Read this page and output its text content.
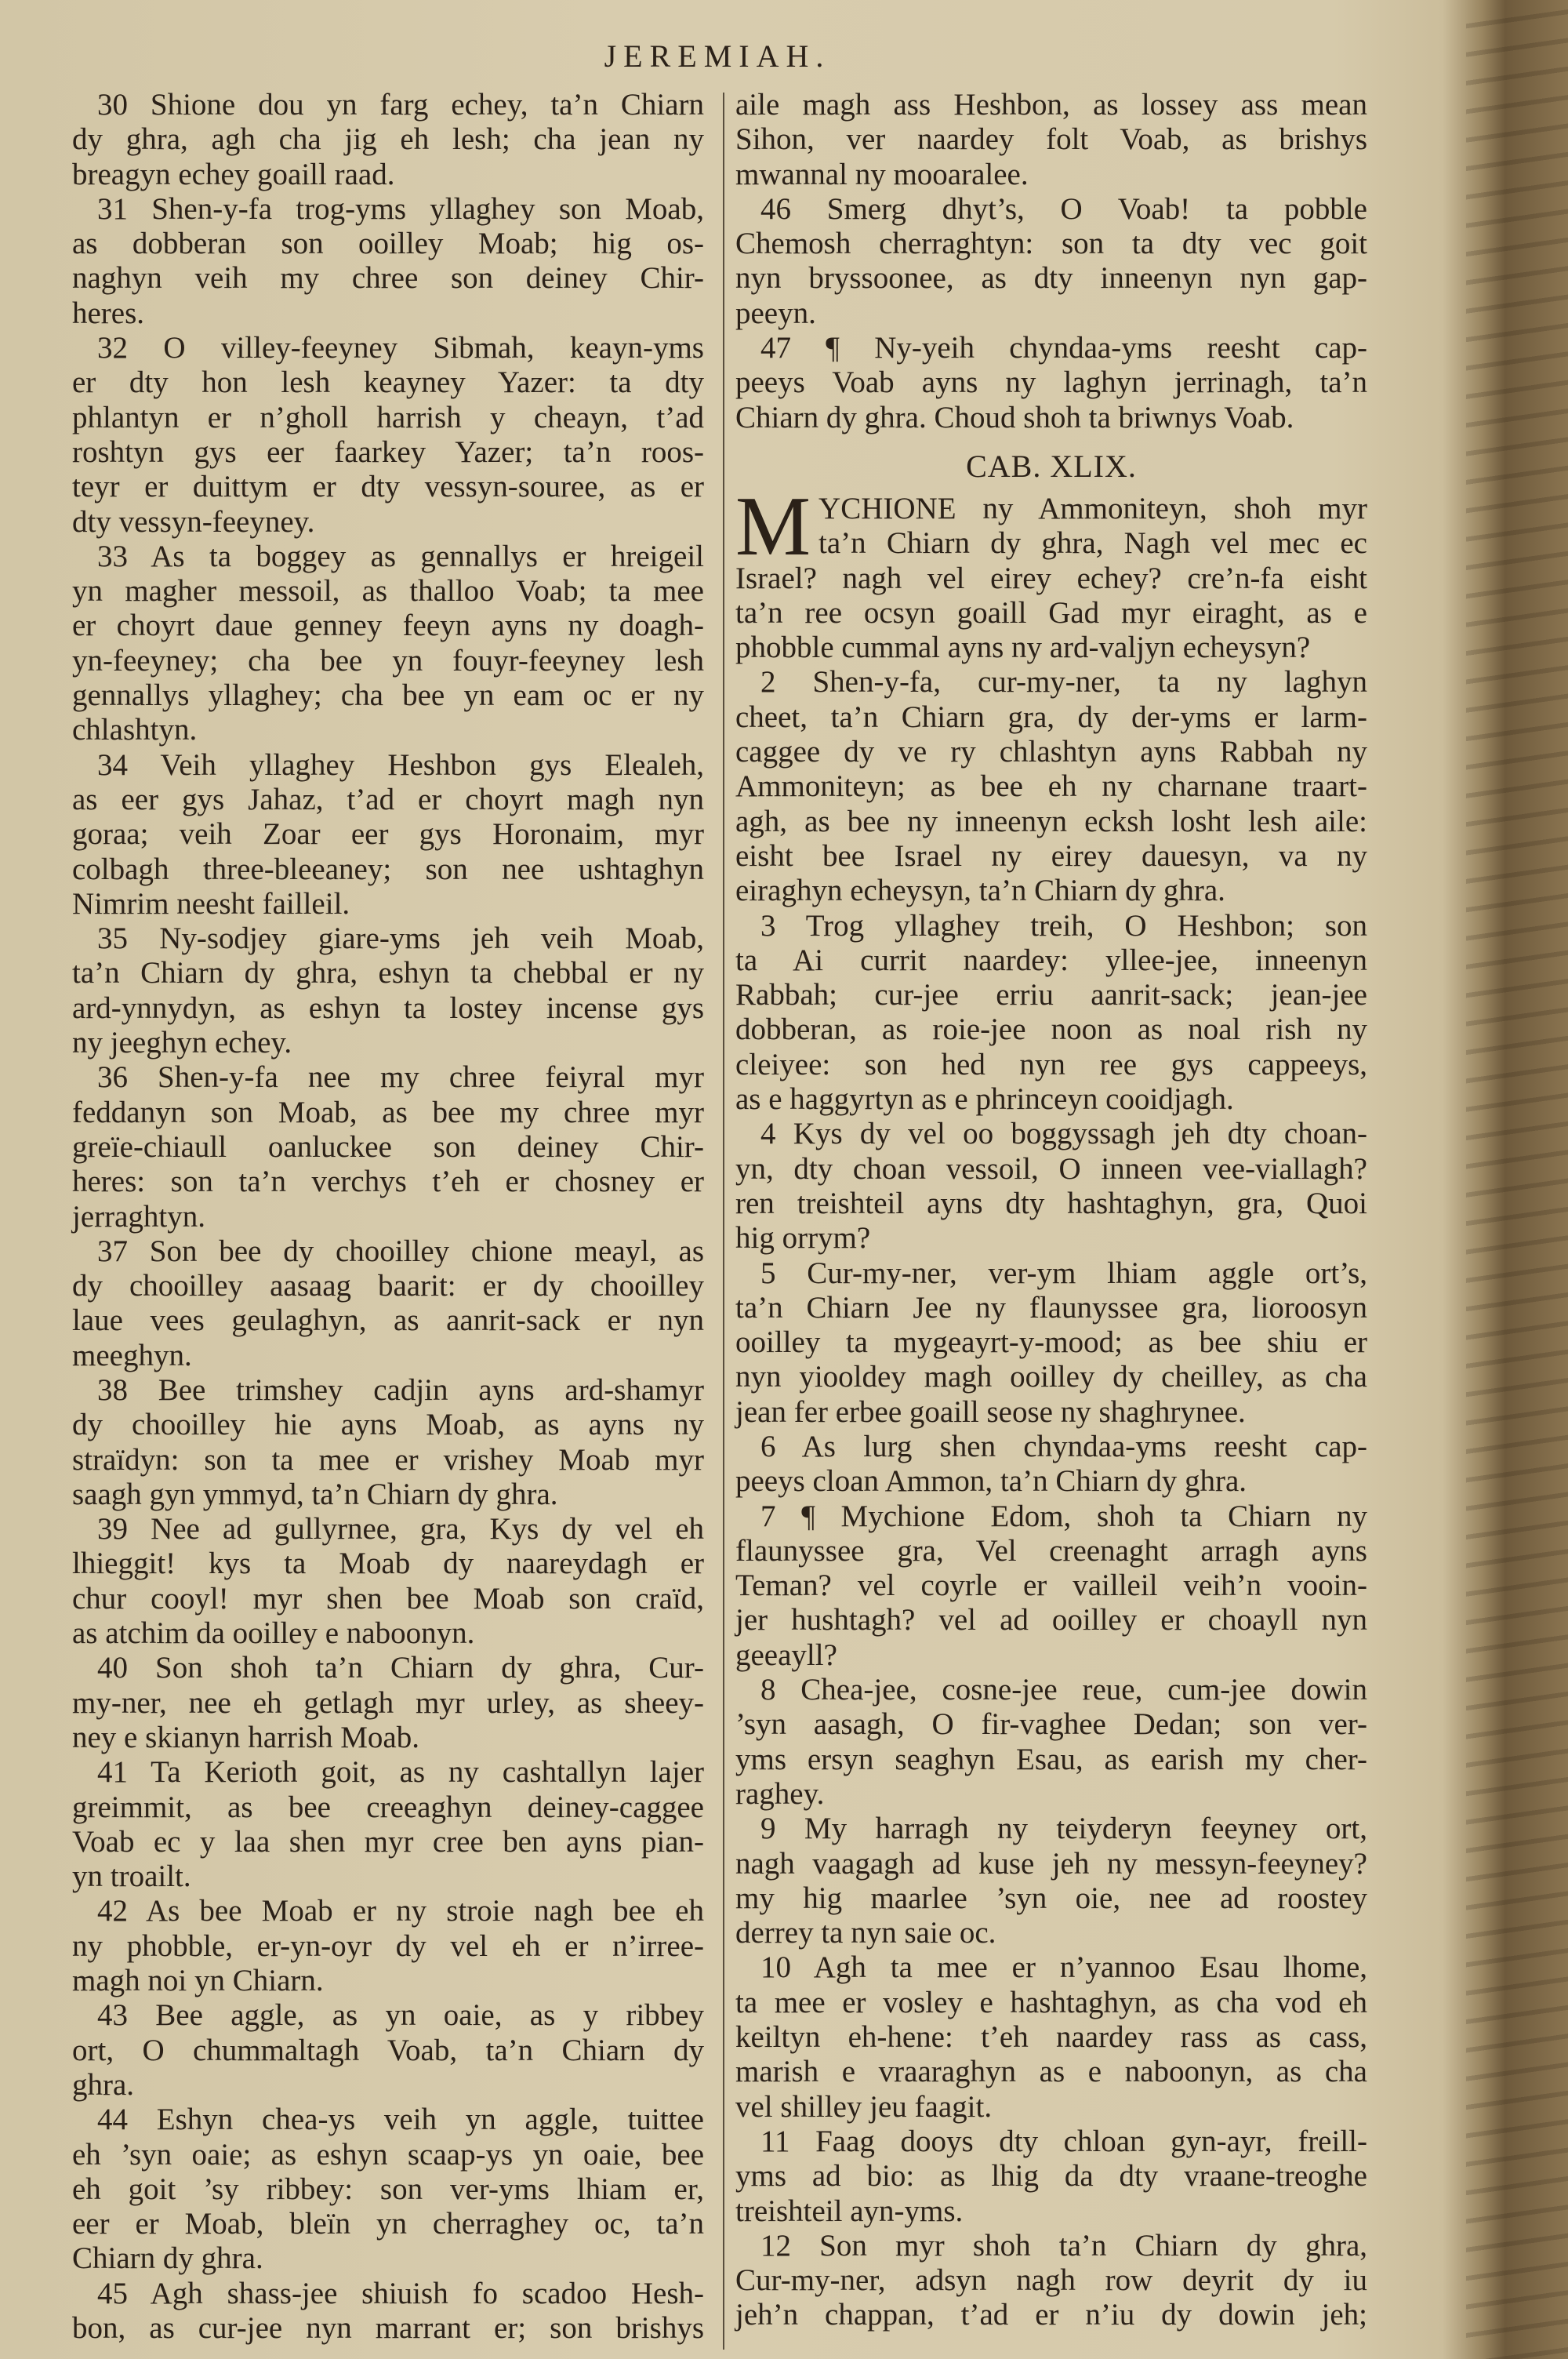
JEREMIAH.
30 Shione dou yn farg echey, ta’n Chiarn
dy ghra, agh cha jig eh lesh; cha jean ny
breagyn echey goaill raad.
31 Shen-y-fa trog-yms yllaghey son Moab,
as dobberan son ooilley Moab; hig os-
naghyn veih my chree son deiney Chir-
heres.
32 O villey-feeyney Sibmah, keayn-yms
er dty hon lesh keayney Yazer: ta dty
phlantyn er n’gholl harrish y cheayn, t’ad
roshtyn gys eer faarkey Yazer; ta’n roos-
teyr er duittym er dty vessyn-souree, as er
dty vessyn-feeyney.
33 As ta boggey as gennallys er hreigeil
yn magher messoil, as thalloo Voab; ta mee
er choyrt daue genney feeyn ayns ny doagh-
yn-feeyney; cha bee yn fouyr-feeyney lesh
gennallys yllaghey; cha bee yn eam oc er ny
chlashtyn.
34 Veih yllaghey Heshbon gys Elealeh,
as eer gys Jahaz, t’ad er choyrt magh nyn
goraa; veih Zoar eer gys Horonaim, myr
colbagh three-bleeaney; son nee ushtaghyn
Nimrim neesht failleil.
35 Ny-sodjey giare-yms jeh veih Moab,
ta’n Chiarn dy ghra, eshyn ta chebbal er ny
ard-ynnydyn, as eshyn ta lostey incense gys
ny jeeghyn echey.
36 Shen-y-fa nee my chree feiyral myr
feddanyn son Moab, as bee my chree myr
greïe-chiaull oanluckee son deiney Chir-
heres: son ta’n verchys t’eh er chosney er
jerraghtyn.
37 Son bee dy chooilley chione meayl, as
dy chooilley aasaag baarit: er dy chooilley
laue vees geulaghyn, as aanrit-sack er nyn
meeghyn.
38 Bee trimshey cadjin ayns ard-shamyr
dy chooilley hie ayns Moab, as ayns ny
straïdyn: son ta mee er vrishey Moab myr
saagh gyn ymmyd, ta’n Chiarn dy ghra.
39 Nee ad gullyrnee, gra, Kys dy vel eh
lhieggit! kys ta Moab dy naareydagh er
chur cooyl! myr shen bee Moab son craïd,
as atchim da ooilley e naboonyn.
40 Son shoh ta’n Chiarn dy ghra, Cur-
my-ner, nee eh getlagh myr urley, as sheey-
ney e skianyn harrish Moab.
41 Ta Kerioth goit, as ny cashtallyn lajer
greimmit, as bee creeaghyn deiney-caggee
Voab ec y laa shen myr cree ben ayns pian-
yn troailt.
42 As bee Moab er ny stroie nagh bee eh
ny phobble, er-yn-oyr dy vel eh er n’irree-
magh noi yn Chiarn.
43 Bee aggle, as yn oaie, as y ribbey
ort, O chummaltagh Voab, ta’n Chiarn dy
ghra.
44 Eshyn chea-ys veih yn aggle, tuittee
eh ’syn oaie; as eshyn scaap-ys yn oaie, bee
eh goit ’sy ribbey: son ver-yms lhiam er,
eer er Moab, bleïn yn cherraghey oc, ta’n
Chiarn dy ghra.
45 Agh shass-jee shiuish fo scadoo Hesh-
bon, as cur-jee nyn marrant er; son brishys
aile magh ass Heshbon, as lossey ass mean
Sihon, ver naardey folt Voab, as brishys
mwannal ny mooaralee.
46 Smerg dhyt’s, O Voab! ta pobble
Chemosh cherraghtyn: son ta dty vec goit
nyn bryssoonee, as dty inneenyn nyn gap-
peeyn.
47 ¶ Ny-yeih chyndaa-yms reesht cap-
peeys Voab ayns ny laghyn jerrinagh, ta’n
Chiarn dy ghra. Choud shoh ta briwnys Voab.
CAB. XLIX.
M YCHIONE ny Ammoniteyn, shoh myr
ta’n Chiarn dy ghra, Nagh vel mec ec
Israel? nagh vel eirey echey? cre’n-fa eisht
ta’n ree ocsyn goaill Gad myr eiraght, as e
phobble cummal ayns ny ard-valjyn echeysyn?
2 Shen-y-fa, cur-my-ner, ta ny laghyn
cheet, ta’n Chiarn gra, dy der-yms er larm-
caggee dy ve ry chlashtyn ayns Rabbah ny
Ammoniteyn; as bee eh ny charnane traart-
agh, as bee ny inneenyn ecksh losht lesh aile:
eisht bee Israel ny eirey dauesyn, va ny
eiraghyn echeysyn, ta’n Chiarn dy ghra.
3 Trog yllaghey treih, O Heshbon; son
ta Ai currit naardey: yllee-jee, inneenyn
Rabbah; cur-jee erriu aanrit-sack; jean-jee
dobberan, as roie-jee noon as noal rish ny
cleiyee: son hed nyn ree gys cappeeys,
as e haggyrtyn as e phrinceyn cooidjagh.
4 Kys dy vel oo boggyssagh jeh dty choan-
yn, dty choan vessoil, O inneen vee-viallagh?
ren treishteil ayns dty hashtaghyn, gra, Quoi
hig orrym?
5 Cur-my-ner, ver-ym lhiam aggle ort’s,
ta’n Chiarn Jee ny flaunyssee gra, lioroosyn
ooilley ta mygeayrt-y-mood; as bee shiu er
nyn yiooldey magh ooilley dy cheilley, as cha
jean fer erbee goaill seose ny shaghrynee.
6 As lurg shen chyndaa-yms reesht cap-
peeys cloan Ammon, ta’n Chiarn dy ghra.
7 ¶ Mychione Edom, shoh ta Chiarn ny
flaunyssee gra, Vel creenaght arragh ayns
Teman? vel coyrle er vailleil veih’n vooin-
jer hushtagh? vel ad ooilley er choayll nyn
geeayll?
8 Chea-jee, cosne-jee reue, cum-jee dowin
’syn aasagh, O fir-vaghee Dedan; son ver-
yms ersyn seaghyn Esau, as earish my cher-
raghey.
9 My harragh ny teiyderyn feeyney ort,
nagh vaagagh ad kuse jeh ny messyn-feeyney?
my hig maarlee ’syn oie, nee ad roostey
derrey ta nyn saie oc.
10 Agh ta mee er n’yannoo Esau lhome,
ta mee er vosley e hashtaghyn, as cha vod eh
keiltyn eh-hene: t’eh naardey rass as cass,
marish e vraaraghyn as e naboonyn, as cha
vel shilley jeu faagit.
11 Faag dooys dty chloan gyn-ayr, freill-
yms ad bio: as lhig da dty vraane-treoghe
treishteil ayn-yms.
12 Son myr shoh ta’n Chiarn dy ghra,
Cur-my-ner, adsyn nagh row deyrit dy iu
jeh’n chappan, t’ad er n’iu dy dowin jeh;
